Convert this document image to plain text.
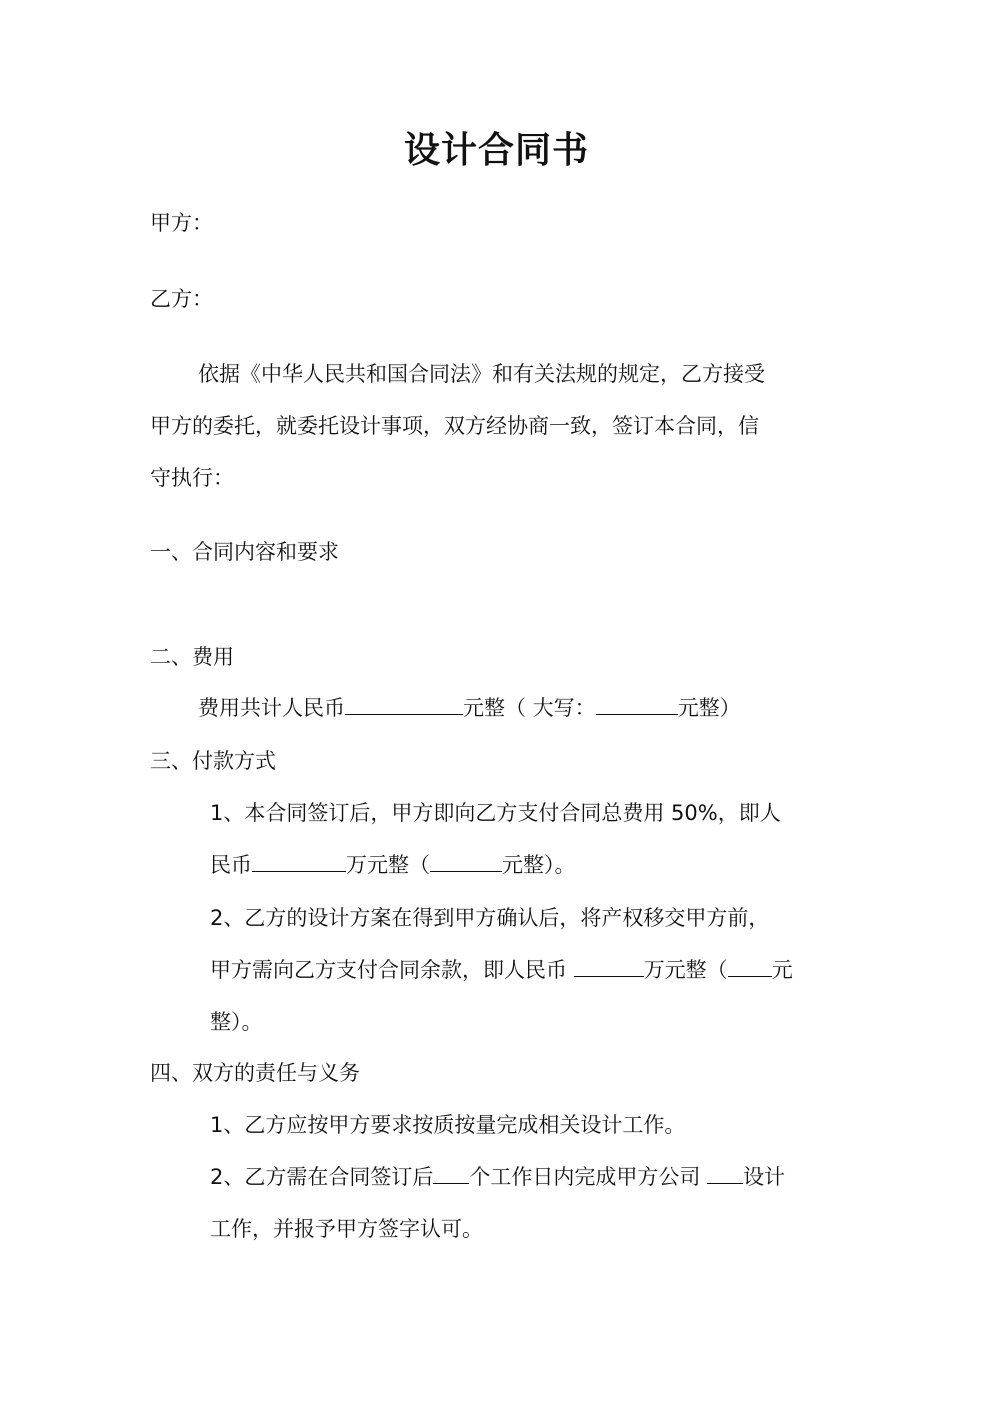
设计合同书
甲方：
乙方：
依据《中华人民共和国合同法》和有关法规的规定，乙方接受
甲方的委托，就委托设计事项，双方经协商一致，签订本合同，信
守执行：
一、合同内容和要求
二、费用
费用共计人民币	元整（ 大写：	元整）
三、付款方式
1、本合同签订后，甲方即向乙方支付合同总费用 50%，即人
民币	万元整（	元整）。
2、乙方的设计方案在得到甲方确认后，将产权移交甲方前，
甲方需向乙方支付合同余款，即人民币	万元整（ 元
整）。
四、双方的责任与义务
1、乙方应按甲方要求按质按量完成相关设计工作。
2、乙方需在合同签订后 个工作日内完成甲方公司 设计
工作，并报予甲方签字认可。
